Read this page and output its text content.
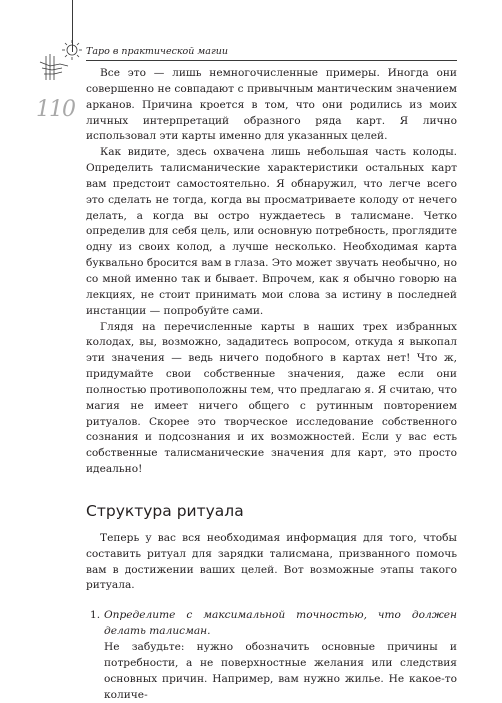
Таро в практической магии
110

Все это — лишь немногочисленные примеры. Иногда они совершенно не совпадают с привычным мантическим значением арканов. Причина кроется в том, что они родились из моих личных интерпретаций образного ряда карт. Я лично использовал эти карты именно для указанных целей.

Как видите, здесь охвачена лишь небольшая часть колоды. Определить талисманические характеристики остальных карт вам предстоит самостоятельно. Я обнаружил, что легче всего это сделать не тогда, когда вы просматриваете колоду от нечего делать, а когда вы остро нуждаетесь в талисмане. Четко определив для себя цель, или основную потребность, проглядите одну из своих колод, а лучше несколько. Необходимая карта буквально бросится вам в глаза. Это может звучать необычно, но со мной именно так и бывает. Впрочем, как я обычно говорю на лекциях, не стоит принимать мои слова за истину в последней инстанции — попробуйте сами.

Глядя на перечисленные карты в наших трех избранных колодах, вы, возможно, зададитесь вопросом, откуда я выкопал эти значения — ведь ничего подобного в картах нет! Что ж, придумайте свои собственные значения, даже если они полностью противоположны тем, что предлагаю я. Я считаю, что магия не имеет ничего общего с рутинным повторением ритуалов. Скорее это творческое исследование собственного сознания и подсознания и их возможностей. Если у вас есть собственные талисманические значения для карт, это просто идеально!

Структура ритуала

Теперь у вас вся необходимая информация для того, чтобы составить ритуал для зарядки талисмана, призванного помочь вам в достижении ваших целей. Вот возможные этапы такого ритуала.

1. Определите с максимальной точностью, что должен делать талисман.
Не забудьте: нужно обозначить основные причины и потребности, а не поверхностные желания или следствия основных причин. Например, вам нужно жилье. Не какое-то количе-
